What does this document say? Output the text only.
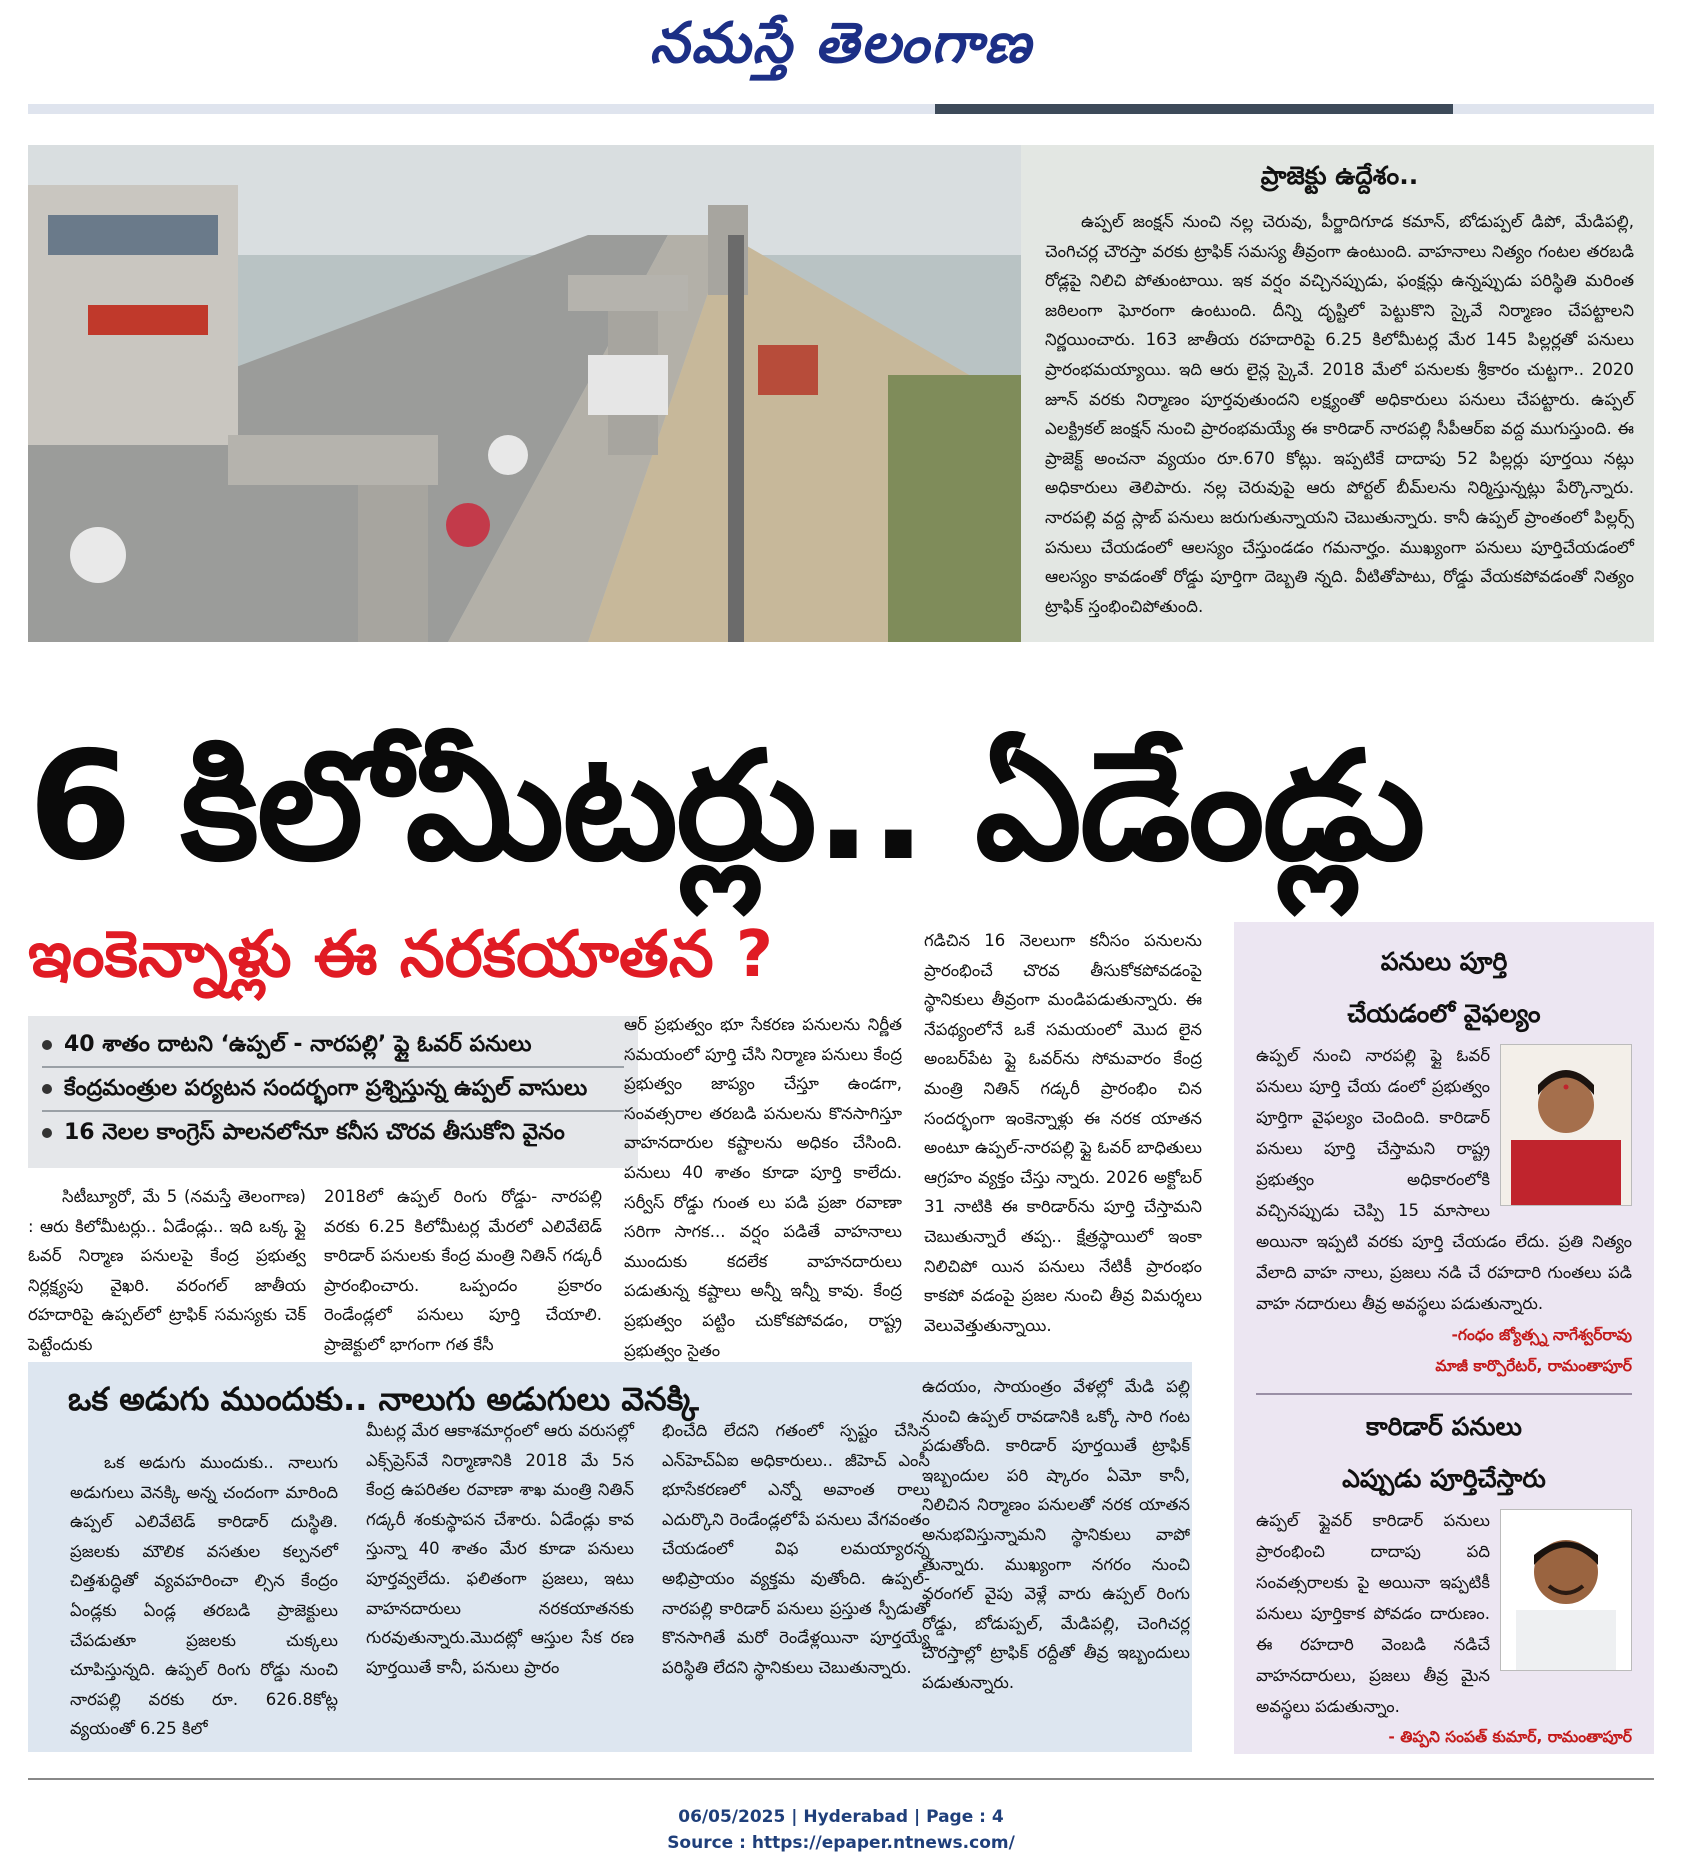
నమస్తే తెలంగాణ

ప్రాజెక్టు ఉద్దేశం..

ఉప్పల్ జంక్షన్ నుంచి నల్ల చెరువు, పీర్జాదిగూడ కమాన్, బోడుప్పల్ డిపో, మేడిపల్లి, చెంగిచర్ల చౌరస్తా వరకు ట్రాఫిక్ సమస్య తీవ్రంగా ఉంటుంది. వాహనాలు నిత్యం గంటల తరబడి రోడ్లపై నిలిచి పోతుంటాయి. ఇక వర్షం వచ్చినప్పుడు, ఫంక్షన్లు ఉన్నప్పుడు పరిస్థితి మరింత జఠిలంగా ఘోరంగా ఉంటుంది. దీన్ని దృష్టిలో పెట్టుకొని స్కైవే నిర్మాణం చేపట్టాలని నిర్ణయించారు. 163 జాతీయ రహదారిపై 6.25 కిలోమీటర్ల మేర 145 పిల్లర్లతో పనులు ప్రారంభమయ్యాయి. ఇది ఆరు లైన్ల స్కైవే. 2018 మేలో పనులకు శ్రీకారం చుట్టగా.. 2020 జూన్ వరకు నిర్మాణం పూర్తవుతుందని లక్ష్యంతో అధికారులు పనులు చేపట్టారు. ఉప్పల్ ఎలక్ట్రికల్ జంక్షన్ నుంచి ప్రారంభమయ్యే ఈ కారిడార్ నారపల్లి సీపీఆర్ఐ వద్ద ముగుస్తుంది. ఈ ప్రాజెక్ట్ అంచనా వ్యయం రూ.670 కోట్లు. ఇప్పటికే దాదాపు 52 పిల్లర్లు పూర్తయి నట్లు అధికారులు తెలిపారు. నల్ల చెరువుపై ఆరు పోర్టల్ బీమ్‌లను నిర్మిస్తున్నట్లు పేర్కొన్నారు. నారపల్లి వద్ద స్లాబ్ పనులు జరుగుతున్నాయని చెబుతున్నారు. కానీ ఉప్పల్ ప్రాంతంలో పిల్లర్స్ పనులు చేయడంలో ఆలస్యం చేస్తుండడం గమనార్హం. ముఖ్యంగా పనులు పూర్తిచేయడంలో ఆలస్యం కావడంతో రోడ్డు పూర్తిగా దెబ్బతి న్నది. వీటితోపాటు, రోడ్డు వేయకపోవడంతో నిత్యం ట్రాఫిక్ స్తంభించిపోతుంది.

6 కిలోమీటర్లు.. ఏడేండ్లు
ఇంకెన్నాళ్లు ఈ నరకయాతన ?
40 శాతం దాటని ‘ఉప్పల్ - నారపల్లి’ ఫ్లై ఓవర్ పనులు
కేంద్రమంత్రుల పర్యటన సందర్భంగా ప్రశ్నిస్తున్న ఉప్పల్ వాసులు
16 నెలల కాంగ్రెస్ పాలనలోనూ కనీస చొరవ తీసుకోని వైనం

సిటీబ్యూరో, మే 5 (నమస్తే తెలంగాణ) : ఆరు కిలోమీటర్లు.. ఏడేండ్లు.. ఇది ఒక్క ఫ్లై ఓవర్ నిర్మాణ పనులపై కేంద్ర ప్రభుత్వ నిర్లక్ష్యపు వైఖరి. వరంగల్ జాతీయ రహదారిపై ఉప్పల్‌లో ట్రాఫిక్ సమస్యకు చెక్ పెట్టేందుకు

2018లో ఉప్పల్ రింగు రోడ్డు- నారపల్లి వరకు 6.25 కిలోమీటర్ల మేరలో ఎలివేటెడ్ కారిడార్ పనులకు కేంద్ర మంత్రి నితిన్ గడ్కరీ ప్రారంభించారు. ఒప్పందం ప్రకారం రెండేండ్లలో పనులు పూర్తి చేయాలి. ప్రాజెక్టులో భాగంగా గత కేసీ

ఆర్ ప్రభుత్వం భూ సేకరణ పనులను నిర్ణీత సమయంలో పూర్తి చేసి నిర్మాణ పనులు కేంద్ర ప్రభుత్వం జాప్యం చేస్తూ ఉండగా, సంవత్సరాల తరబడి పనులను కొనసాగిస్తూ వాహనదారుల కష్టాలను అధికం చేసింది. పనులు 40 శాతం కూడా పూర్తి కాలేదు. సర్వీస్ రోడ్డు గుంత లు పడి ప్రజా రవాణా సరిగా సాగక... వర్షం పడితే వాహనాలు ముందుకు కదలేక వాహనదారులు పడుతున్న కష్టాలు అన్నీ ఇన్నీ కావు. కేంద్ర ప్రభుత్వం పట్టిం చుకోకపోవడం, రాష్ట్ర ప్రభుత్వం సైతం

గడిచిన 16 నెలలుగా కనీసం పనులను ప్రారంభించే చొరవ తీసుకోకపోవడంపై స్థానికులు తీవ్రంగా మండిపడుతున్నారు. ఈ నేపథ్యంలోనే ఒకే సమయంలో మొద లైన అంబర్‌పేట ఫ్లై ఓవర్‌ను సోమవారం కేంద్ర మంత్రి నితిన్ గడ్కరీ ప్రారంభిం చిన సందర్భంగా ఇంకెన్నాళ్లు ఈ నరక యాతన అంటూ ఉప్పల్-నారపల్లి ఫ్లై ఓవర్ బాధితులు ఆగ్రహం వ్యక్తం చేస్తు న్నారు. 2026 అక్టోబర్ 31 నాటికి ఈ కారిడార్‌ను పూర్తి చేస్తామని చెబుతున్నారే తప్ప.. క్షేత్రస్థాయిలో ఇంకా నిలిచిపో యిన పనులు నేటికీ ప్రారంభం కాకపో వడంపై ప్రజల నుంచి తీవ్ర విమర్శలు వెలువెత్తుతున్నాయి.

పనులు పూర్తి
చేయడంలో వైఫల్యం

ఉప్పల్ నుంచి నారపల్లి ఫ్లై ఓవర్ పనులు పూర్తి చేయ డంలో ప్రభుత్వం పూర్తిగా వైఫల్యం చెందింది. కారిడార్ పనులు పూర్తి చేస్తామని రాష్ట్ర ప్రభుత్వం అధికారంలోకి వచ్చినప్పుడు చెప్పి 15 మాసాలు అయినా ఇప్పటి వరకు పూర్తి చేయడం లేదు. ప్రతి నిత్యం వేలాది వాహ నాలు, ప్రజలు నడి చే రహదారి గుంతలు పడి వాహ నదారులు తీవ్ర అవస్థలు పడుతున్నారు.

-గంధం జ్యోత్స్న నాగేశ్వర్‌రావు
మాజీ కార్పొరేటర్, రామంతాపూర్
కారిడార్ పనులు
ఎప్పుడు పూర్తిచేస్తారు

ఉప్పల్ ఫ్లైవర్ కారిడార్ పనులు ప్రారంభించి దాదాపు పది సంవత్సరాలకు పై అయినా ఇప్పటికీ పనులు పూర్తికాక పోవడం దారుణం. ఈ రహదారి వెంబడి నడిచే వాహనదారులు, ప్రజలు తీవ్ర మైన అవస్థలు పడుతున్నాం.

- తిప్పని సంపత్ కుమార్, రామంతాపూర్
ఒక అడుగు ముందుకు.. నాలుగు అడుగులు వెనక్కి

ఒక అడుగు ముందుకు.. నాలుగు అడుగులు వెనక్కి అన్న చందంగా మారింది ఉప్పల్ ఎలివేటెడ్ కారిడార్ దుస్థితి. ప్రజలకు మౌలిక వసతుల కల్పనలో చిత్తశుద్ధితో వ్యవహరించా ల్సిన కేంద్రం ఏండ్లకు ఏండ్ల తరబడి ప్రాజెక్టులు చేపడుతూ ప్రజలకు చుక్కలు చూపిస్తున్నది. ఉప్పల్ రింగు రోడ్డు నుంచి నారపల్లి వరకు రూ. 626.8కోట్ల వ్యయంతో 6.25 కిలో

మీటర్ల మేర ఆకాశమార్గంలో ఆరు వరుసల్లో ఎక్స్‌ప్రెస్‌వే నిర్మాణానికి 2018 మే 5న కేంద్ర ఉపరితల రవాణా శాఖ మంత్రి నితిన్ గడ్కరీ శంకుస్థాపన చేశారు. ఏడేండ్లు కావ స్తున్నా 40 శాతం మేర కూడా పనులు పూర్తవ్వలేదు. ఫలితంగా ప్రజలు, ఇటు వాహనదారులు నరకయాతనకు గురవుతున్నారు.మొదట్లో ఆస్తుల సేక రణ పూర్తయితే కానీ, పనులు ప్రారం

భించేది లేదని గతంలో స్పష్టం చేసిన ఎన్‌హెచ్‌ఏఐ అధికారులు.. జీహెచ్ ఎంసీ భూసేకరణలో ఎన్నో అవాంత రాలు ఎదుర్కొని రెండేండ్లలోపే పనులు వేగవంతం చేయడంలో విఫ లమయ్యారన్న అభిప్రాయం వ్యక్తమ వుతోంది. ఉప్పల్-నారపల్లి కారిడార్ పనులు ప్రస్తుత స్పీడుతో కొనసాగితే మరో రెండేళ్లయినా పూర్తయ్యే పరిస్థితి లేదని స్థానికులు చెబుతున్నారు.

ఉదయం, సాయంత్రం వేళల్లో మేడి పల్లి నుంచి ఉప్పల్ రావడానికి ఒక్కో సారి గంట పడుతోంది. కారిడార్ పూర్తయితే ట్రాఫిక్ ఇబ్బందుల పరి ష్కారం ఏమో కానీ, నిలిచిన నిర్మాణం పనులతో నరక యాతన అనుభవిస్తున్నామని స్థానికులు వాపో తున్నారు. ముఖ్యంగా నగరం నుంచి వరంగల్ వైపు వెళ్లే వారు ఉప్పల్ రింగు రోడ్డు, బోడుప్పల్, మేడిపల్లి, చెంగిచర్ల చౌరస్తాల్లో ట్రాఫిక్ రద్దీతో తీవ్ర ఇబ్బందులు పడుతున్నారు.

06/05/2025 | Hyderabad | Page : 4
Source : https://epaper.ntnews.com/
